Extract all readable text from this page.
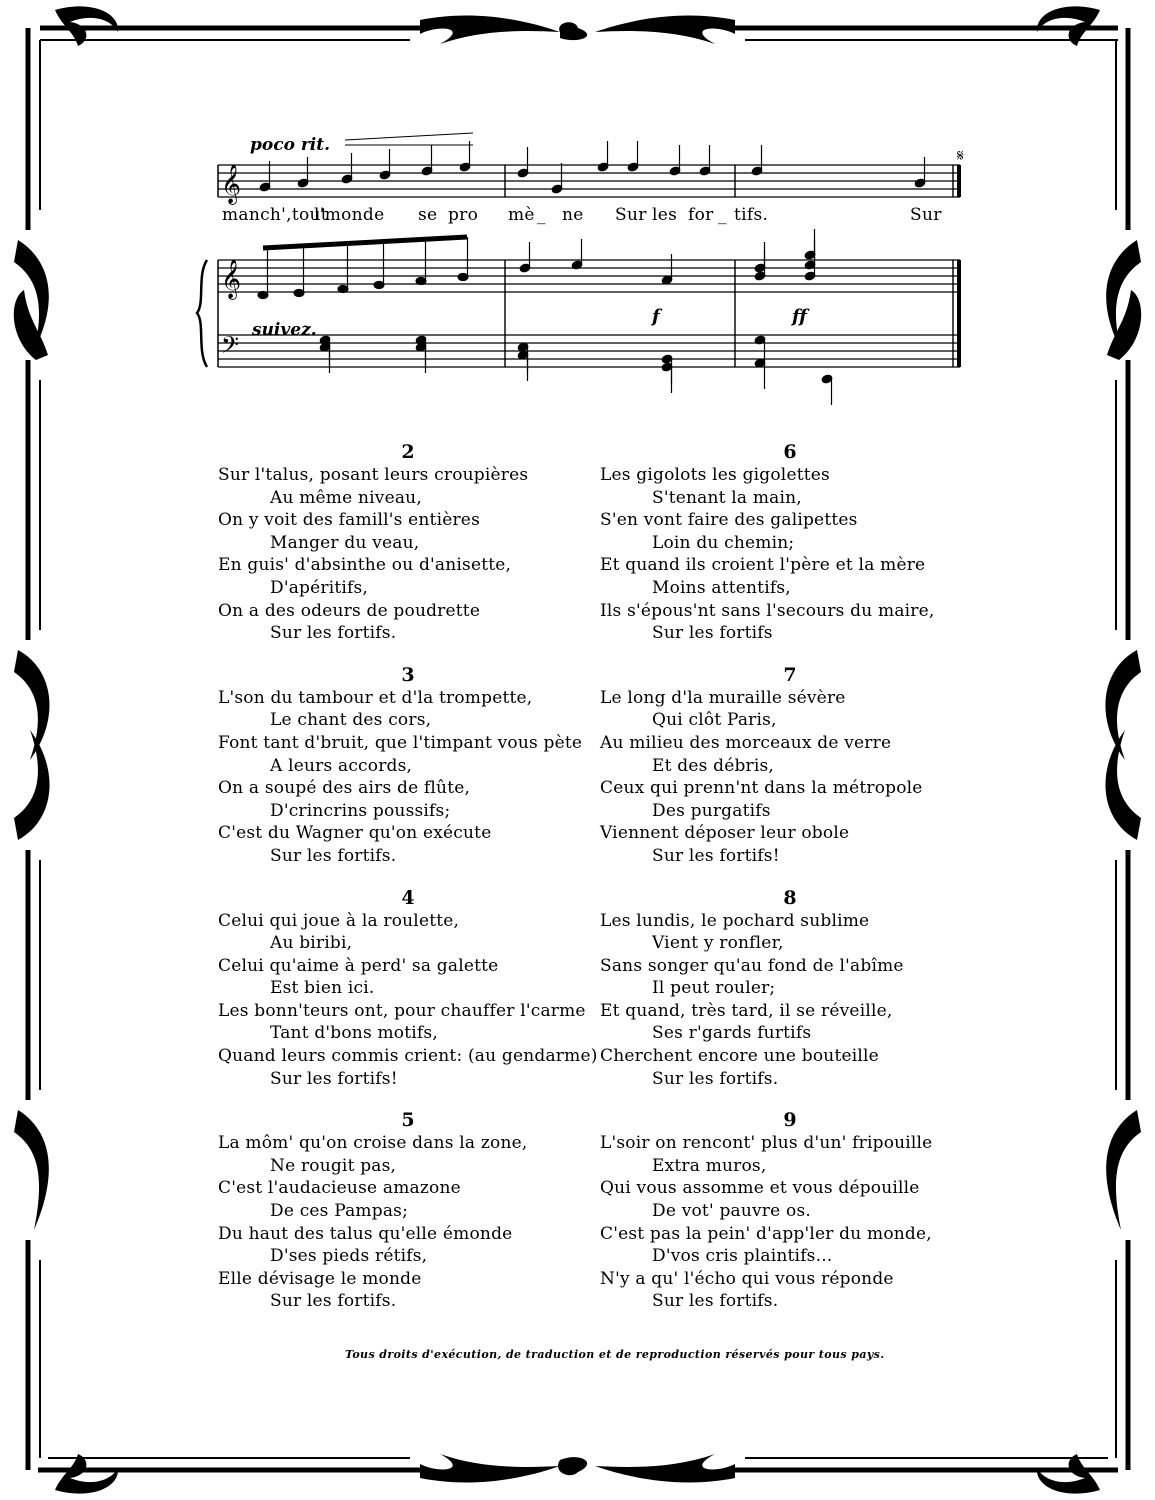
𝄞
𝄞
𝄢
𝄋
poco rit.
suivez.
f	ff
manch',tout
l'monde se pro mè _ ne Sur les for _ tifs.	Sur
2
Sur l'talus, posant leurs croupières
Au même niveau,
On y voit des famill's entières
Manger du veau,
En guis' d'absinthe ou d'anisette,
D'apéritifs,
On a des odeurs de poudrette
Sur les fortifs.
3
L'son du tambour et d'la trompette,
Le chant des cors,
Font tant d'bruit, que l'timpant vous pète
A leurs accords,
On a soupé des airs de flûte,
D'crincrins poussifs;
C'est du Wagner qu'on exécute
Sur les fortifs.
4
Celui qui joue à la roulette,
Au biribi,
Celui qu'aime à perd' sa galette
Est bien ici.
Les bonn'teurs ont, pour chauffer l'carme
Tant d'bons motifs,
Quand leurs commis crient: (au gendarme)
Sur les fortifs!
5
La môm' qu'on croise dans la zone,
Ne rougit pas,
C'est l'audacieuse amazone
De ces Pampas;
Du haut des talus qu'elle émonde
D'ses pieds rétifs,
Elle dévisage le monde
Sur les fortifs.
6
Les gigolots les gigolettes
S'tenant la main,
S'en vont faire des galipettes
Loin du chemin;
Et quand ils croient l'père et la mère
Moins attentifs,
Ils s'épous'nt sans l'secours du maire,
Sur les fortifs
7
Le long d'la muraille sévère
Qui clôt Paris,
Au milieu des morceaux de verre
Et des débris,
Ceux qui prenn'nt dans la métropole
Des purgatifs
Viennent déposer leur obole
Sur les fortifs!
8
Les lundis, le pochard sublime
Vient y ronfler,
Sans songer qu'au fond de l'abîme
Il peut rouler;
Et quand, très tard, il se réveille,
Ses r'gards furtifs
Cherchent encore une bouteille
Sur les fortifs.
9
L'soir on rencont' plus d'un' fripouille
Extra muros,
Qui vous assomme et vous dépouille
De vot' pauvre os.
C'est pas la pein' d'app'ler du monde,
D'vos cris plaintifs...
N'y a qu' l'écho qui vous réponde
Sur les fortifs.
Tous droits d'exécution, de traduction et de reproduction réservés pour tous pays.
